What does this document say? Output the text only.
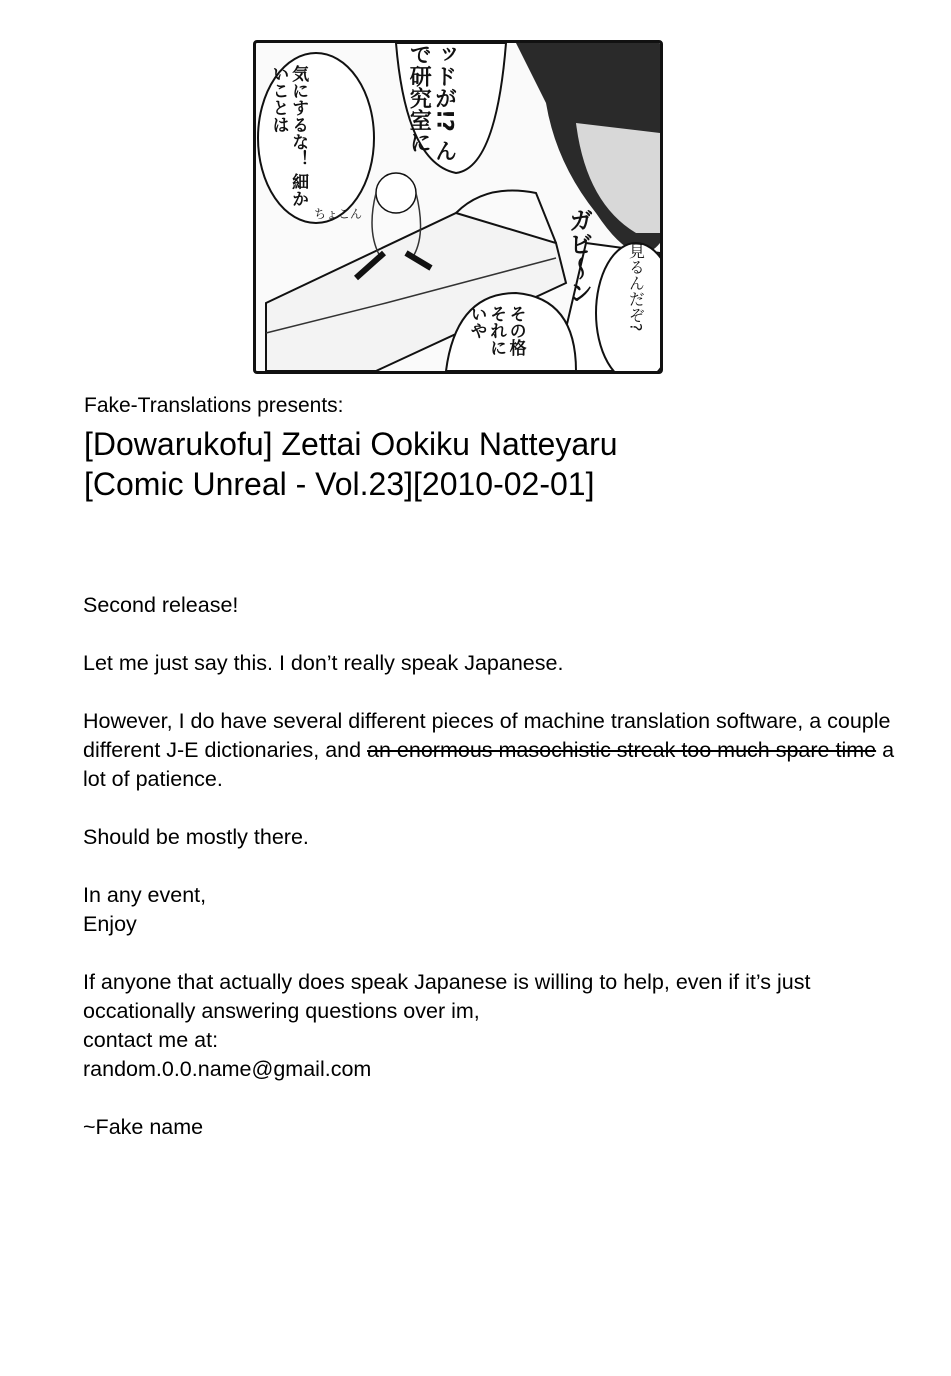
気にするな！ 細かいことは	ッドが!? んで研究室に
ガビ〜ン
ちょこん
その格 それに いや	見るんだぞ?
Fake-Translations presents:
[Dowarukofu] Zettai Ookiku Natteyaru
[Comic Unreal - Vol.23][2010-02-01]

Second release!

Let me just say this. I don’t really speak Japanese.

However, I do have several different pieces of machine translation software, a couple different J-E dictionaries, and an enormous masochistic streak too much spare time a lot of patience.

Should be mostly there.

In any event,
Enjoy

If anyone that actually does speak Japanese is willing to help, even if it’s just occationally answering questions over im,
contact me at:
random.0.0.name@gmail.com

~Fake name
